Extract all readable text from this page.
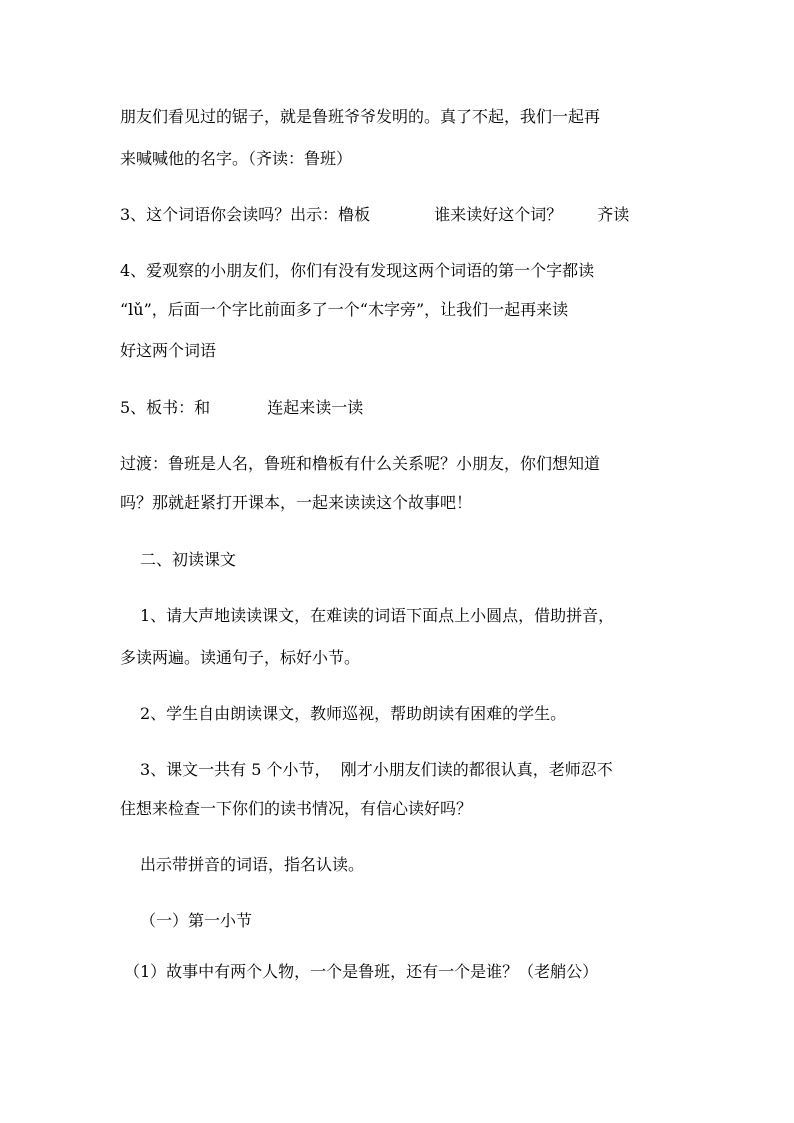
朋友们看见过的锯子，就是鲁班爷爷发明的。真了不起，我们一起再
来喊喊他的名字。（齐读：鲁班）
3、这个词语你会读吗？出示：橹板	谁来读好这个词？ 齐读
4、爱观察的小朋友们，你们有没有发现这两个词语的第一个字都读
“lǔ”，后面一个字比前面多了一个“木字旁”，让我们一起再来读
好这两个词语
5、板书：和	连起来读一读
过渡：鲁班是人名，鲁班和橹板有什么关系呢？小朋友，你们想知道
吗？那就赶紧打开课本，一起来读读这个故事吧！
二、初读课文
1、请大声地读读课文，在难读的词语下面点上小圆点，借助拼音，
多读两遍。读通句子，标好小节。
2、学生自由朗读课文，教师巡视，帮助朗读有困难的学生。
3、课文一共有 5 个小节，  刚才小朋友们读的都很认真，老师忍不
住想来检查一下你们的读书情况，有信心读好吗？
出示带拼音的词语，指名认读。
（一）第一小节
（1）故事中有两个人物，一个是鲁班，还有一个是谁？（老艄公）
